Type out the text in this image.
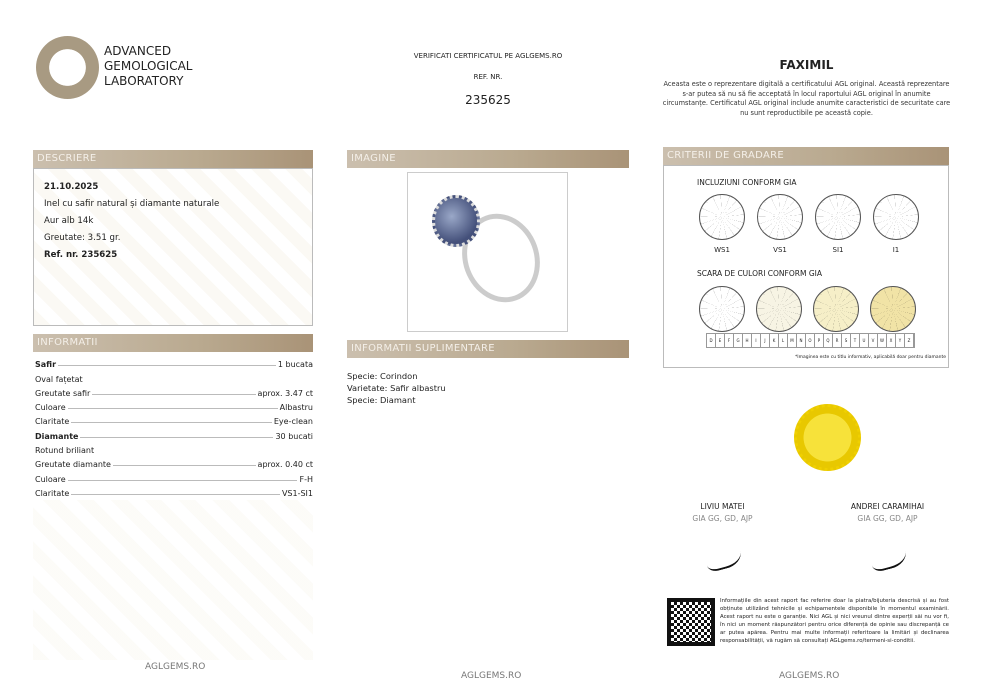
ADVANCED
GEMOLOGICAL
LABORATORY
VERIFICATI CERTIFICATUL PE AGLGEMS.RO
REF. NR.
235625
FAXIMIL
Aceasta este o reprezentare digitală a certificatului AGL original. Această reprezentare s-ar putea să nu să fie acceptată în locul raportului AGL original în anumite circumstanțe. Certificatul AGL original include anumite caracteristici de securitate care nu sunt reproductibile pe această copie.
DESCRIERE
21.10.2025
Inel cu safir natural și diamante naturale
Aur alb 14k
Greutate: 3.51 gr.
Ref. nr. 235625
INFORMATII
Safir	1 bucata
Oval fațetat
Greutate safir	aprox. 3.47 ct
Culoare	Albastru
Claritate	Eye-clean
Diamante	30 bucati
Rotund briliant
Greutate diamante	aprox. 0.40 ct
Culoare	F-H
Claritate	VS1-SI1
IMAGINE
INFORMATII SUPLIMENTARE
Specie: Corindon
Varietate: Safir albastru
Specie: Diamant
CRITERII DE GRADARE
INCLUZIUNI CONFORM GIA
WS1	VS1	SI1	I1
SCARA DE CULORI CONFORM GIA
D	E	F	G	H	I	J	K	L	M	N	O	P	Q	R	S	T	U	V	W	X	Y	Z
*Imaginea este cu titlu informativ, aplicabilă doar pentru diamante
LIVIU MATEI
GIA GG, GD, AJP
ANDREI CARAMIHAI
GIA GG, GD, AJP
Informațiile din acest raport fac referire doar la piatra/bijuteria descrisă și au fost obținute utilizând tehnicile și echipamentele disponibile în momentul examinării. Acest raport nu este o garanție. Nici AGL și nici vreunul dintre experții săi nu vor fi, în nici un moment răspunzători pentru orice diferență de opinie sau discrepanță ce ar putea apărea. Pentru mai multe informații referitoare la limitări și declinarea responsabilității, vă rugăm să consultați AGLgems.ro/termeni-si-conditii.
AGLGEMS.RO
AGLGEMS.RO	AGLGEMS.RO
